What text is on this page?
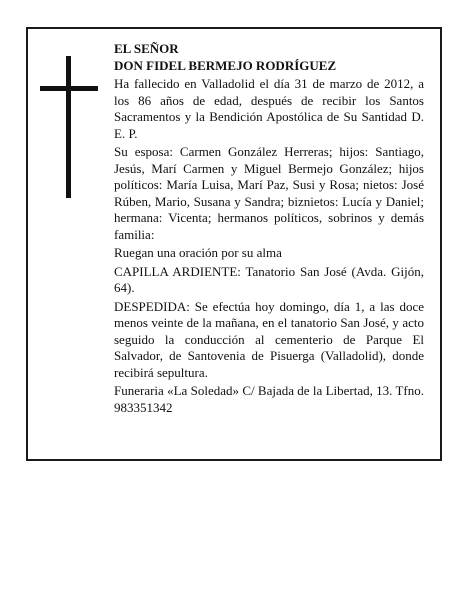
EL SEÑOR

DON FIDEL BERMEJO RODRÍGUEZ

Ha fallecido en Valladolid el día 31 de marzo de 2012, a los 86 años de edad, después de recibir los Santos Sacramentos y la Bendición Apostólica de Su Santidad D. E. P.

Su esposa: Carmen González Herreras; hijos: Santiago, Jesús, Marí Carmen y Miguel Bermejo González; hijos políticos: María Luisa, Marí Paz, Susi y Rosa; nietos: José Rúben, Mario, Susana y Sandra; biznietos: Lucía y Daniel; hermana: Vicenta; hermanos políticos, sobrinos y demás familia:

Ruegan una oración por su alma

CAPILLA ARDIENTE: Tanatorio San José (Avda. Gijón, 64).

DESPEDIDA: Se efectúa hoy domingo, día 1, a las doce menos veinte de la mañana, en el tanatorio San José, y acto seguido la conducción al cementerio de Parque El Salvador, de Santovenia de Pisuerga (Valladolid), donde recibirá sepultura.

Funeraria «La Soledad» C/ Bajada de la Libertad, 13. Tfno. 983351342
